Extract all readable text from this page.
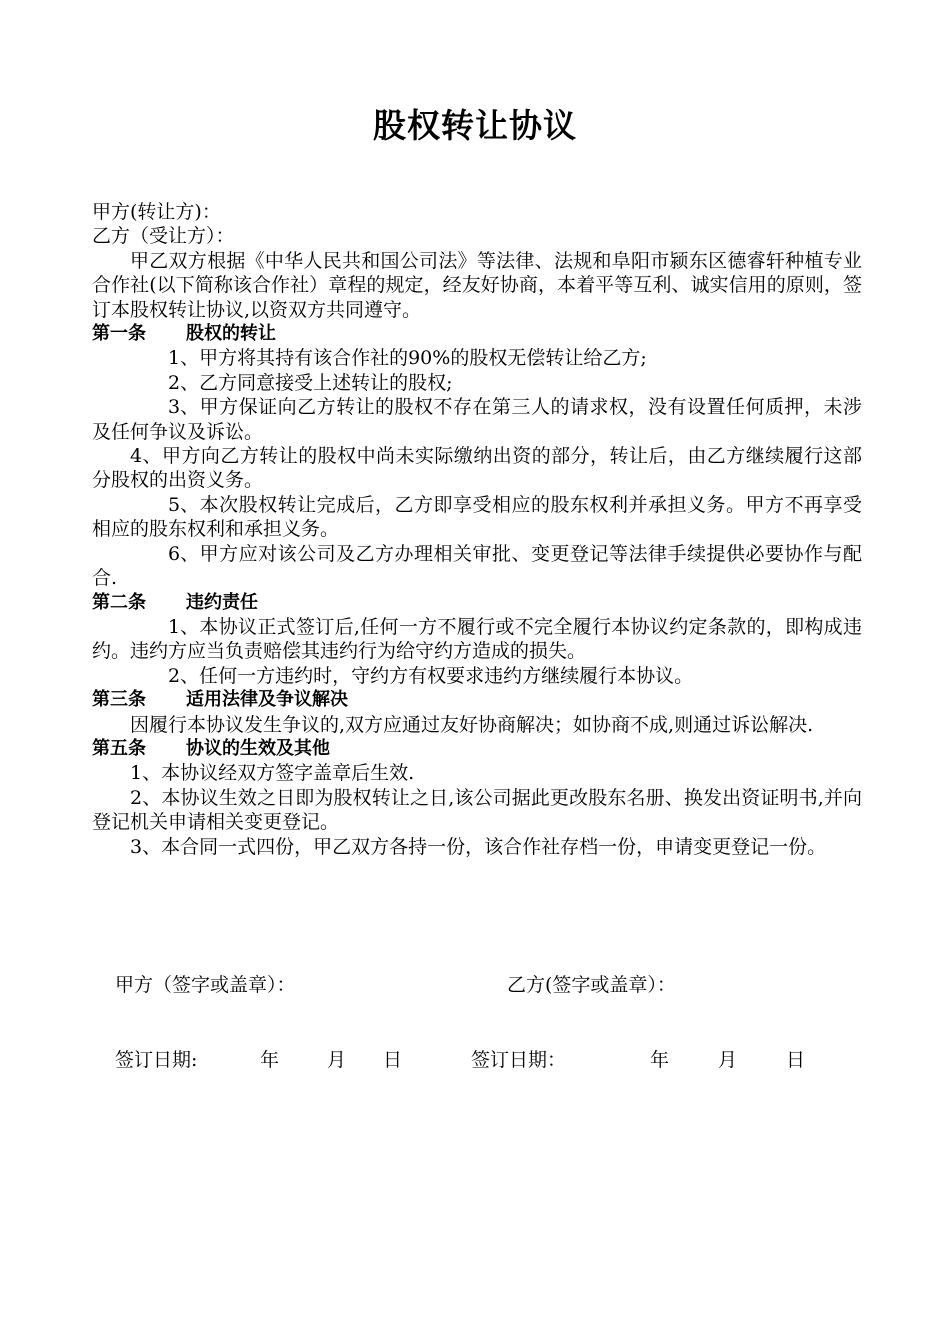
股权转让协议
甲方(转让方)：
乙方（受让方）：
甲乙双方根据《中华人民共和国公司法》等法律、法规和阜阳市颍东区德睿轩种植专业合作社(以下简称该合作社）章程的规定，经友好协商，本着平等互利、诚实信用的原则，签订本股权转让协议,以资双方共同遵守。
第一条 股权的转让
1、甲方将其持有该合作社的90%的股权无偿转让给乙方;
2、乙方同意接受上述转让的股权;
3、甲方保证向乙方转让的股权不存在第三人的请求权，没有设置任何质押，未涉及任何争议及诉讼。
4、甲方向乙方转让的股权中尚未实际缴纳出资的部分，转让后，由乙方继续履行这部分股权的出资义务。
5、本次股权转让完成后，乙方即享受相应的股东权利并承担义务。甲方不再享受相应的股东权利和承担义务。
6、甲方应对该公司及乙方办理相关审批、变更登记等法律手续提供必要协作与配合.
第二条 违约责任
1、本协议正式签订后,任何一方不履行或不完全履行本协议约定条款的，即构成违约。违约方应当负责赔偿其违约行为给守约方造成的损失。
2、任何一方违约时，守约方有权要求违约方继续履行本协议。
第三条 适用法律及争议解决
因履行本协议发生争议的,双方应通过友好协商解决；如协商不成,则通过诉讼解决.
第五条 协议的生效及其他
1、本协议经双方签字盖章后生效.
2、本协议生效之日即为股权转让之日,该公司据此更改股东名册、换发出资证明书,并向登记机关申请相关变更登记。
3、本合同一式四份，甲乙双方各持一份，该合作社存档一份，申请变更登记一份。
甲方（签字或盖章）：	乙方(签字或盖章）：
签订日期:	年	月 日	签订日期：	年	月	日
